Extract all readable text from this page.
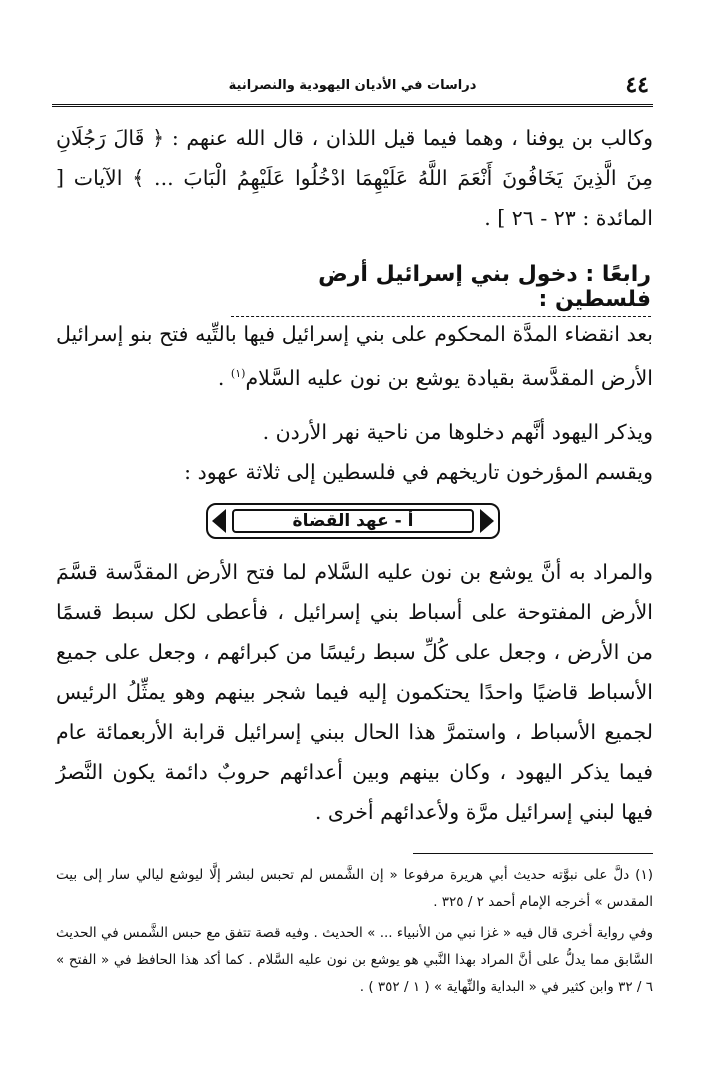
٤٤
دراسات في الأديان اليهودية والنصرانية

وكالب بن يوفنا ، وهما فيما قيل اللذان ، قال الله عنهم : ﴿ قَالَ رَجُلَانِ مِنَ الَّذِينَ يَخَافُونَ أَنْعَمَ اللَّهُ عَلَيْهِمَا ادْخُلُوا عَلَيْهِمُ الْبَابَ ... ﴾ الآيات [ المائدة : ٢٣ - ٢٦ ] .

رابعًا : دخول بني إسرائيل أرض فلسطين :

بعد انقضاء المدَّة المحكوم على بني إسرائيل فيها بالتِّيه فتح بنو إسرائيل الأرض المقدَّسة بقيادة يوشع بن نون عليه السَّلام$^{(١)}$ .

ويذكر اليهود أنَّهم دخلوها من ناحية نهر الأردن .

ويقسم المؤرخون تاريخهم في فلسطين إلى ثلاثة عهود :

أ - عهد القضاة

والمراد به أنَّ يوشع بن نون عليه السَّلام لما فتح الأرض المقدَّسة قسَّمَ الأرض المفتوحة على أسباط بني إسرائيل ، فأعطى لكل سبط قسمًا من الأرض ، وجعل على كُلِّ سبط رئيسًا من كبرائهم ، وجعل على جميع الأسباط قاضيًا واحدًا يحتكمون إليه فيما شجر بينهم وهو يمثِّلُ الرئيس لجميع الأسباط ، واستمرَّ هذا الحال ببني إسرائيل قرابة الأربعمائة عام فيما يذكر اليهود ، وكان بينهم وبين أعدائهم حروبٌ دائمة يكون النَّصرُ فيها لبني إسرائيل مرَّة ولأعدائهم أخرى .

(١) دلَّ على نبوَّته حديث أبي هريرة مرفوعا « إن الشَّمس لم تحبس لبشر إلَّا ليوشع ليالي سار إلى بيت المقدس » أخرجه الإمام أحمد ٢ / ٣٢٥ .

وفي رواية أخرى قال فيه « غزا نبي من الأنبياء ... » الحديث . وفيه قصة تتفق مع حبس الشَّمس في الحديث السَّابق مما يدلُّ على أنَّ المراد بهذا النَّبي هو يوشع بن نون عليه السَّلام . كما أكد هذا الحافظ في « الفتح » ٦ / ٣٢ وابن كثير في « البداية والنِّهاية » ( ١ / ٣٥٢ ) .
